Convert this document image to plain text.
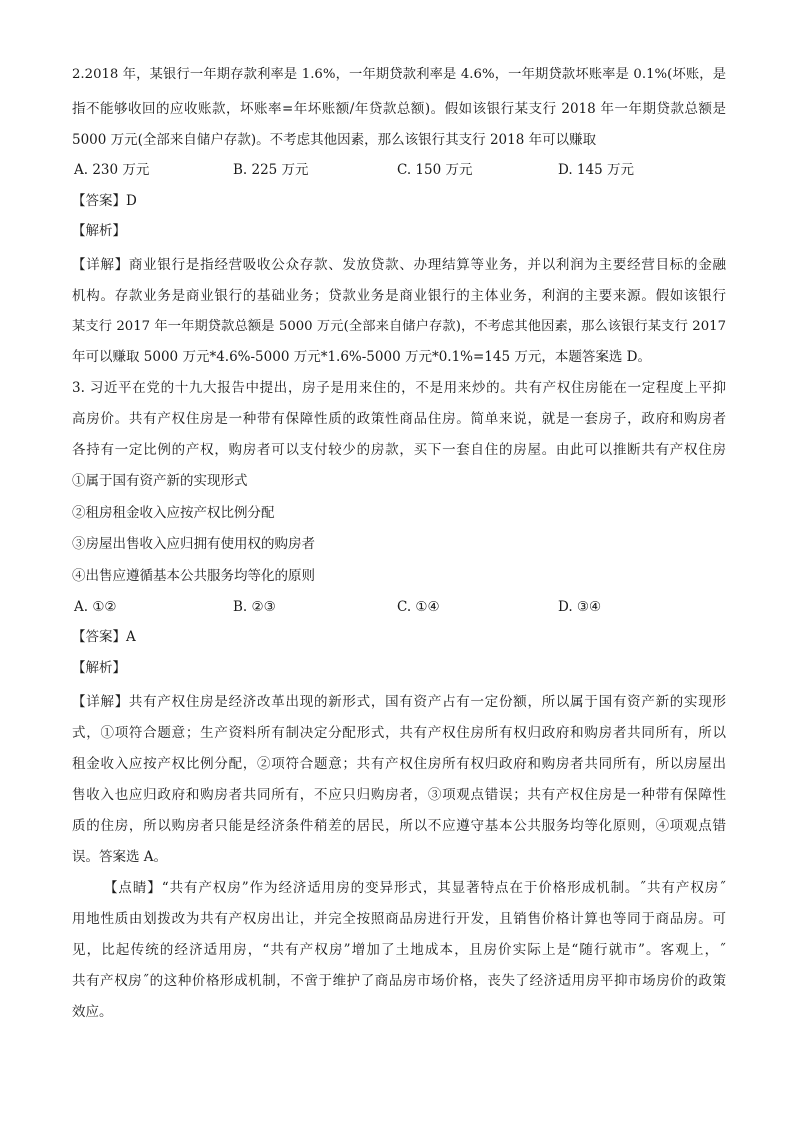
2.2018 年，某银行一年期存款利率是 1.6%，一年期贷款利率是 4.6%，一年期贷款坏账率是 0.1%(坏账，是
指不能够收回的应收账款，坏账率=年坏账额/年贷款总额)。假如该银行某支行 2018 年一年期贷款总额是
5000 万元(全部来自储户存款)。不考虑其他因素，那么该银行其支行 2018 年可以赚取
A. 230 万元	B. 225 万元	C. 150 万元	D. 145 万元
【答案】D
【解析】
【详解】商业银行是指经营吸收公众存款、发放贷款、办理结算等业务，并以利润为主要经营目标的金融
机构。存款业务是商业银行的基础业务；贷款业务是商业银行的主体业务，利润的主要来源。假如该银行
某支行 2017 年一年期贷款总额是 5000 万元(全部来自储户存款)，不考虑其他因素，那么该银行某支行 2017
年可以赚取 5000 万元*4.6%-5000 万元*1.6%-5000 万元*0.1%=145 万元，本题答案选 D。
3. 习近平在党的十九大报告中提出，房子是用来住的，不是用来炒的。共有产权住房能在一定程度上平抑
高房价。共有产权住房是一种带有保障性质的政策性商品住房。简单来说，就是一套房子，政府和购房者
各持有一定比例的产权，购房者可以支付较少的房款，买下一套自住的房屋。由此可以推断共有产权住房
①属于国有资产新的实现形式
②租房租金收入应按产权比例分配
③房屋出售收入应归拥有使用权的购房者
④出售应遵循基本公共服务均等化的原则
A. ①②	B. ②③	C. ①④	D. ③④
【答案】A
【解析】
【详解】共有产权住房是经济改革出现的新形式，国有资产占有一定份额，所以属于国有资产新的实现形
式，①项符合题意；生产资料所有制决定分配形式，共有产权住房所有权归政府和购房者共同所有，所以
租金收入应按产权比例分配，②项符合题意；共有产权住房所有权归政府和购房者共同所有，所以房屋出
售收入也应归政府和购房者共同所有，不应只归购房者，③项观点错误；共有产权住房是一种带有保障性
质的住房，所以购房者只能是经济条件稍差的居民，所以不应遵守基本公共服务均等化原则，④项观点错
误。答案选 A。
【点睛】“共有产权房”作为经济适用房的变异形式，其显著特点在于价格形成机制。˝共有产权房˝
用地性质由划拨改为共有产权房出让，并完全按照商品房进行开发，且销售价格计算也等同于商品房。可
见，比起传统的经济适用房，“共有产权房”增加了土地成本，且房价实际上是“随行就市”。客观上，˝
共有产权房˝的这种价格形成机制，不啻于维护了商品房市场价格，丧失了经济适用房平抑市场房价的政策
效应。
